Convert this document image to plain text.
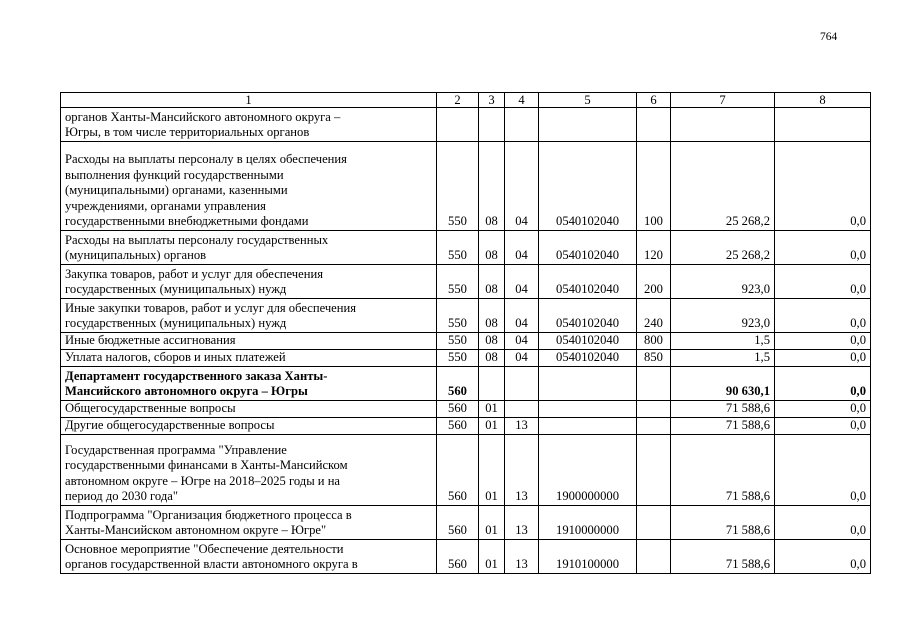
764
1	2	3	4	5	6	7	8
органов Ханты-Мансийского автономного округа –
Югры, в том числе территориальных органов							
Расходы на выплаты персоналу в целях обеспечения
выполнения функций государственными
(муниципальными) органами, казенными
учреждениями, органами управления
государственными внебюджетными фондами	550	08	04	0540102040	100	25 268,2	0,0
Расходы на выплаты персоналу государственных
(муниципальных) органов	550	08	04	0540102040	120	25 268,2	0,0
Закупка товаров, работ и услуг для обеспечения
государственных (муниципальных) нужд	550	08	04	0540102040	200	923,0	0,0
Иные закупки товаров, работ и услуг для обеспечения
государственных (муниципальных) нужд	550	08	04	0540102040	240	923,0	0,0
Иные бюджетные ассигнования	550	08	04	0540102040	800	1,5	0,0
Уплата налогов, сборов и иных платежей	550	08	04	0540102040	850	1,5	0,0
Департамент государственного заказа Ханты-
Мансийского автономного округа – Югры	560					90 630,1	0,0
Общегосударственные вопросы	560	01				71 588,6	0,0
Другие общегосударственные вопросы	560	01	13			71 588,6	0,0
Государственная программа "Управление
государственными финансами в Ханты-Мансийском
автономном округе – Югре на 2018–2025 годы и на
период до 2030 года"	560	01	13	1900000000		71 588,6	0,0
Подпрограмма "Организация бюджетного процесса в
Ханты-Мансийском автономном округе – Югре"	560	01	13	1910000000		71 588,6	0,0
Основное мероприятие "Обеспечение деятельности
органов государственной власти автономного округа в	560	01	13	1910100000		71 588,6	0,0
